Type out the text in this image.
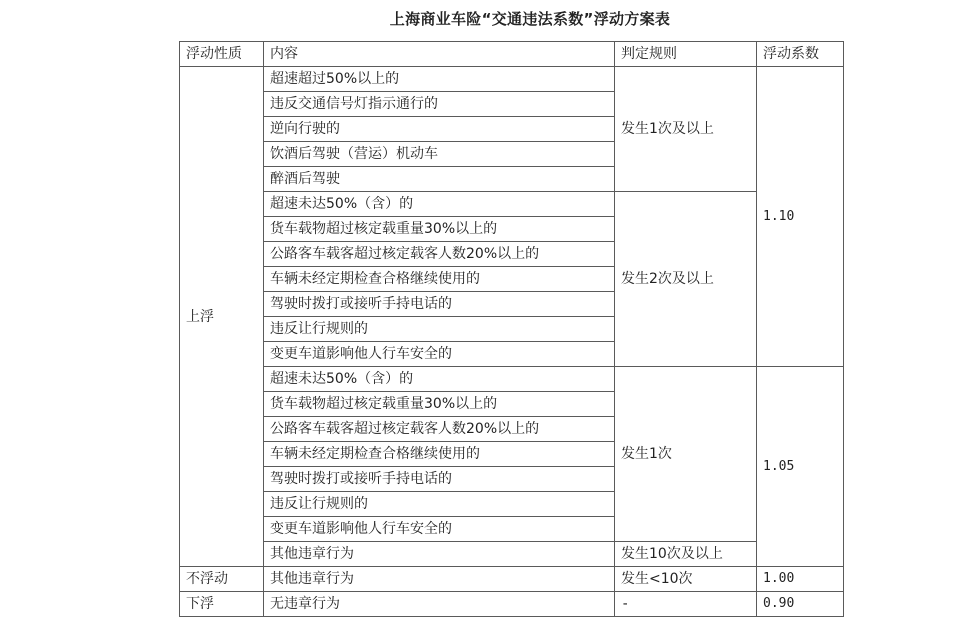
上海商业车险“交通违法系数”浮动方案表
浮动性质	内容	判定规则	浮动系数
上浮	超速超过50%以上的	发生1次及以上	1.10
	违反交通信号灯指示通行的		
	逆向行驶的		
	饮酒后驾驶（营运）机动车		
	醉酒后驾驶		
	超速未达50%（含）的	发生2次及以上	
	货车载物超过核定载重量30%以上的		
	公路客车载客超过核定载客人数20%以上的		
	车辆未经定期检查合格继续使用的		
	驾驶时拨打或接听手持电话的		
	违反让行规则的		
	变更车道影响他人行车安全的		
	超速未达50%（含）的	发生1次	1.05
	货车载物超过核定载重量30%以上的		
	公路客车载客超过核定载客人数20%以上的		
	车辆未经定期检查合格继续使用的		
	驾驶时拨打或接听手持电话的		
	违反让行规则的		
	变更车道影响他人行车安全的		
	其他违章行为	发生10次及以上	
不浮动	其他违章行为	发生<10次	1.00
下浮	无违章行为	-	0.90
